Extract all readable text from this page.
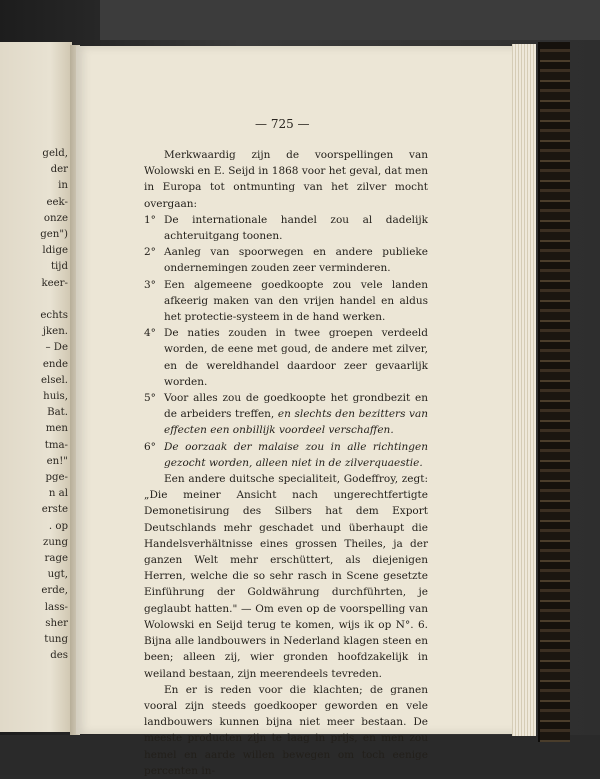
geld,
der
in
eek-
onze
gen")
ldige
tijd
keer-

echts
jken.
– De
ende
elsel.
huis,
Bat.
men
tma-
en!"
pge-
n al
erste
. op
zung
rage
ugt,
erde,
lass-
sher
tung
des
— 725 —

Merkwaardig zijn de voorspellingen van Wolowski en E. Seijd in 1868 voor het geval, dat men in Europa tot ontmunting van het zilver mocht overgaan:

1° De internationale handel zou al dadelijk achteruitgang toonen.
2° Aanleg van spoorwegen en andere publieke ondernemingen zouden zeer verminderen.
3° Een algemeene goedkoopte zou vele landen afkeerig maken van den vrijen handel en aldus het protectie-systeem in de hand werken.
4° De naties zouden in twee groepen verdeeld worden, de eene met goud, de andere met zilver, en de wereldhandel daardoor zeer gevaarlijk worden.
5° Voor alles zou de goedkoopte het grondbezit en de arbeiders treffen, en slechts den bezitters van effecten een onbillijk voordeel verschaffen.
6° De oorzaak der malaise zou in alle richtingen gezocht worden, alleen niet in de zilverquaestie.

Een andere duitsche specialiteit, Godeffroy, zegt: „Die meiner Ansicht nach ungerechtfertigte Demonetisirung des Silbers hat dem Export Deutschlands mehr geschadet und überhaupt die Handelsverhältnisse eines grossen Theiles, ja der ganzen Welt mehr erschüttert, als diejenigen Herren, welche die so sehr rasch in Scene gesetzte Einführung der Goldwährung durchführten, je geglaubt hatten." — Om even op de voorspelling van Wolowski en Seijd terug te komen, wijs ik op N°. 6. Bijna alle landbouwers in Nederland klagen steen en been; alleen zij, wier gronden hoofdzakelijk in weiland bestaan, zijn meerendeels tevreden.

En er is reden voor die klachten; de granen vooral zijn steeds goedkooper geworden en vele landbouwers kunnen bijna niet meer bestaan. De meeste producten zijn te laag in prijs, en men zou hemel en aarde willen bewegen om toch eenige percenten in-
